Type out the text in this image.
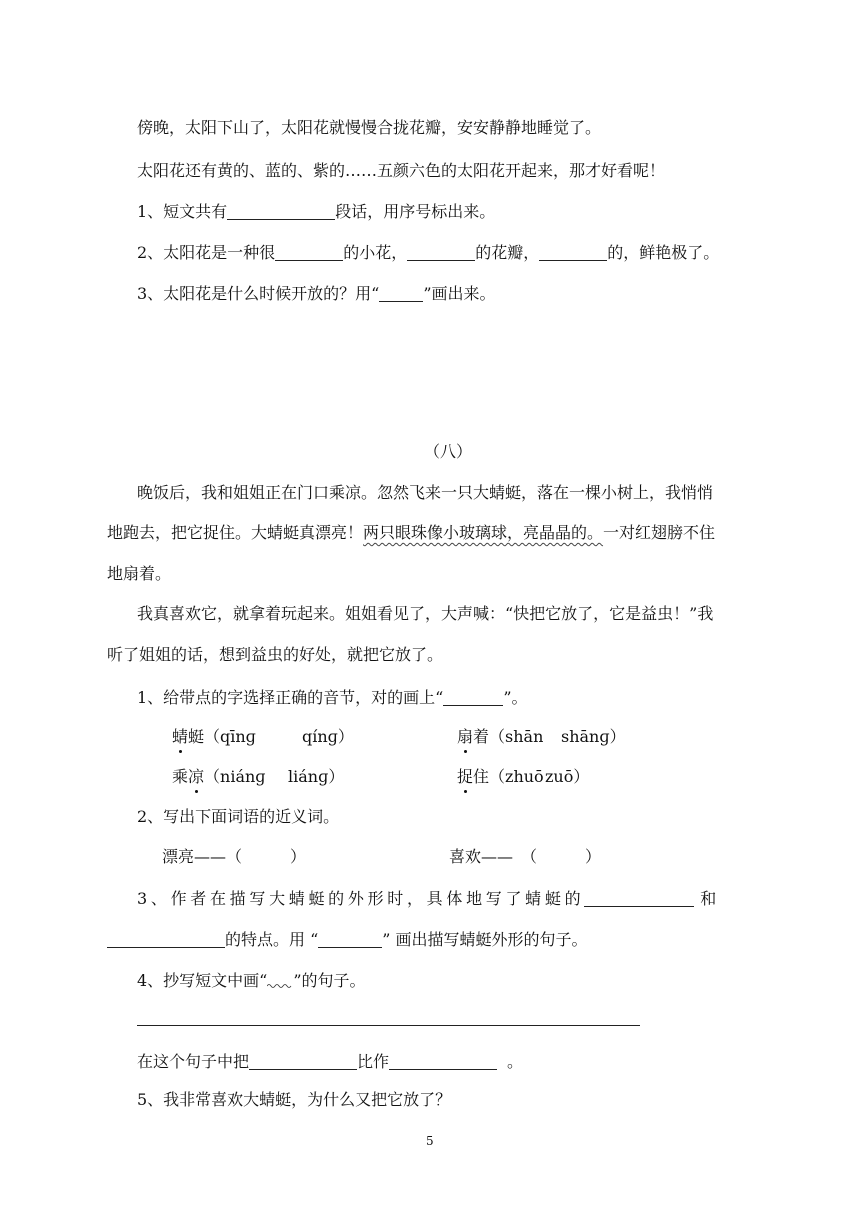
傍晚，太阳下山了，太阳花就慢慢合拢花瓣，安安静静地睡觉了。
太阳花还有黄的、蓝的、紫的……五颜六色的太阳花开起来，那才好看呢！
1、短文共有	段话，用序号标出来。
2、太阳花是一种很	的小花，	的花瓣，	的，鲜艳极了。
3、太阳花是什么时候开放的？用“	”画出来。
（八）
晚饭后，我和姐姐正在门口乘凉。忽然飞来一只大蜻蜓，落在一棵小树上，我悄悄
地跑去，把它捉住。大蜻蜓真漂亮！两只眼珠像小玻璃球，亮晶晶的。一对红翅膀不住
地扇着。
我真喜欢它，就拿着玩起来。姐姐看见了，大声喊：“快把它放了，它是益虫！”我
听了姐姐的话，想到益虫的好处，就把它放了。
1、给带点的字选择正确的音节，对的画上“	”。
蜻蜓（qīnɡ	qínɡ）	扇着（shān shānɡ）
乘凉（niánɡ liánɡ）	捉住（zhuō zuō）
2、写出下面词语的近义词。
漂亮——（　　　）	喜欢——　（　　　）
3、作者在描写大蜻蜓的外形时，具体地写了蜻蜓的	和
的特点。用 “	” 画出描写蜻蜓外形的句子。
4、抄写短文中画“ ”的句子。
在这个句子中把	比作	。
5、我非常喜欢大蜻蜓，为什么又把它放了？
5
